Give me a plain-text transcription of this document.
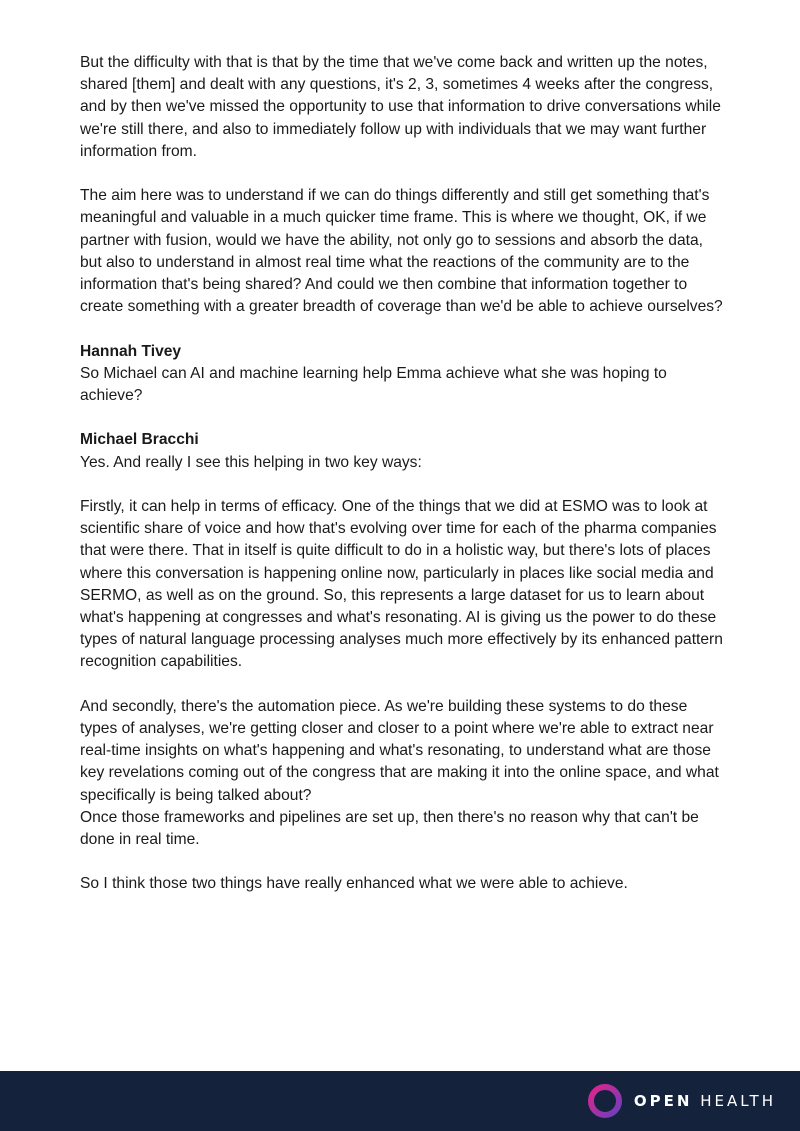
But the difficulty with that is that by the time that we've come back and written up the notes, shared [them] and dealt with any questions, it's 2, 3, sometimes 4 weeks after the congress, and by then we've missed the opportunity to use that information to drive conversations while we're still there, and also to immediately follow up with individuals that we may want further information from.

The aim here was to understand if we can do things differently and still get something that's meaningful and valuable in a much quicker time frame. This is where we thought, OK, if we partner with fusion, would we have the ability, not only go to sessions and absorb the data, but also to understand in almost real time what the reactions of the community are to the information that's being shared? And could we then combine that information together to create something with a greater breadth of coverage than we'd be able to achieve ourselves?

Hannah Tivey
So Michael can AI and machine learning help Emma achieve what she was hoping to achieve?

Michael Bracchi
Yes. And really I see this helping in two key ways:

Firstly, it can help in terms of efficacy. One of the things that we did at ESMO was to look at scientific share of voice and how that's evolving over time for each of the pharma companies that were there. That in itself is quite difficult to do in a holistic way, but there's lots of places where this conversation is happening online now, particularly in places like social media and SERMO, as well as on the ground. So, this represents a large dataset for us to learn about what's happening at congresses and what's resonating. AI is giving us the power to do these types of natural language processing analyses much more effectively by its enhanced pattern recognition capabilities.

And secondly, there's the automation piece. As we're building these systems to do these types of analyses, we're getting closer and closer to a point where we're able to extract near real-time insights on what's happening and what's resonating, to understand what are those key revelations coming out of the congress that are making it into the online space, and what specifically is being talked about?
Once those frameworks and pipelines are set up, then there's no reason why that can't be done in real time.

So I think those two things have really enhanced what we were able to achieve.

OPEN HEALTH
